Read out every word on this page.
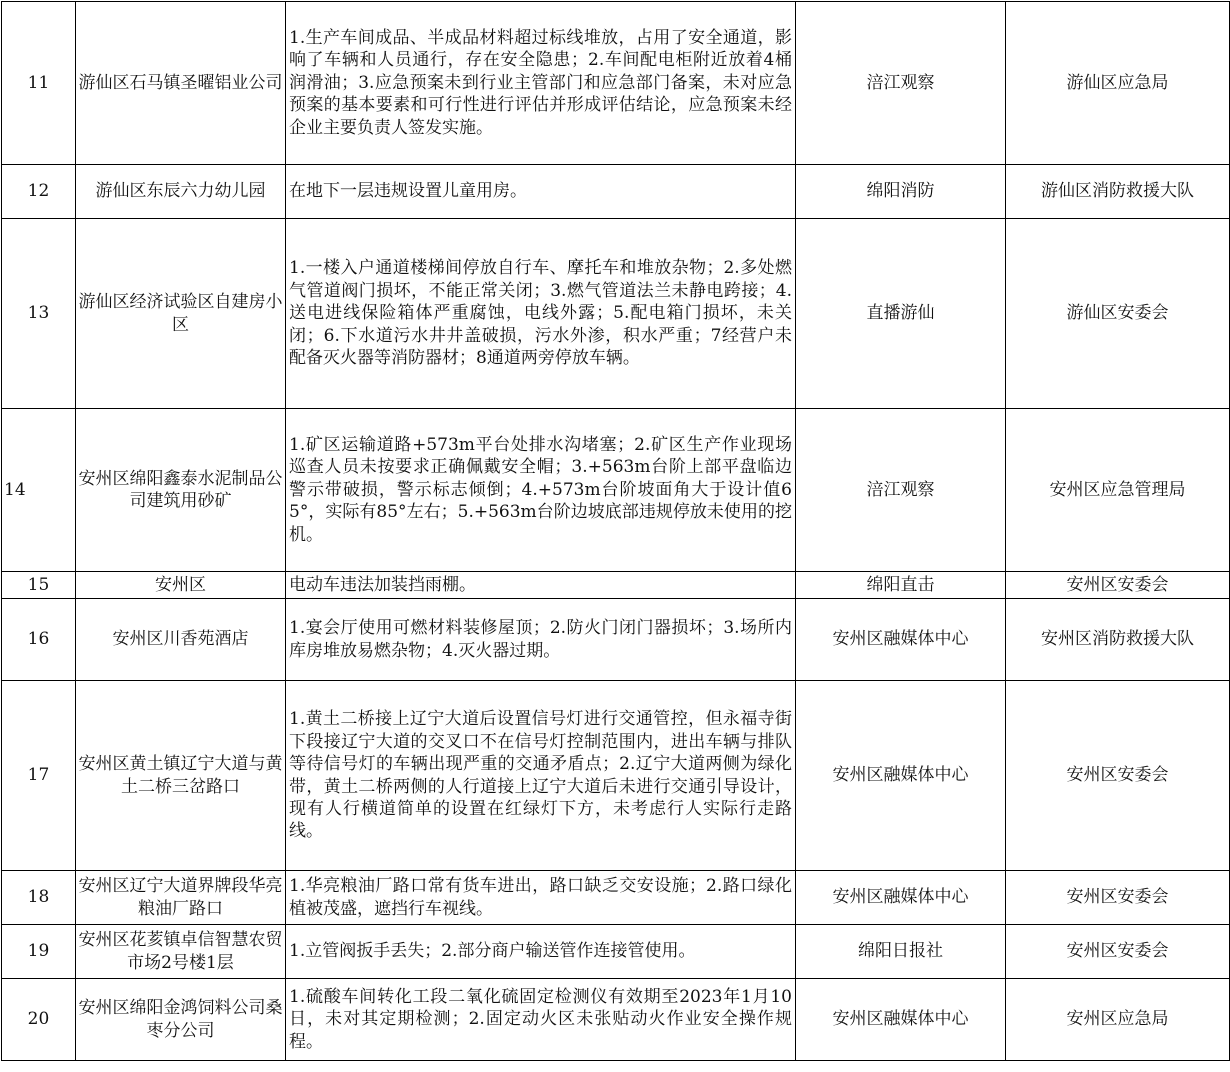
11	游仙区石马镇圣曜铝业公司	1.生产车间成品、半成品材料超过标线堆放，占用了安全通道，影响了车辆和人员通行，存在安全隐患；2.车间配电柜附近放着4桶润滑油；3.应急预案未到行业主管部门和应急部门备案，未对应急预案的基本要素和可行性进行评估并形成评估结论，应急预案未经企业主要负责人签发实施。	涪江观察	游仙区应急局
12	游仙区东辰六力幼儿园	在地下一层违规设置儿童用房。	绵阳消防	游仙区消防救援大队
13	游仙区经济试验区自建房小区	1.一楼入户通道楼梯间停放自行车、摩托车和堆放杂物；2.多处燃气管道阀门损坏，不能正常关闭；3.燃气管道法兰未静电跨接；4.送电进线保险箱体严重腐蚀，电线外露；5.配电箱门损坏，未关闭；6.下水道污水井井盖破损，污水外渗，积水严重；7经营户未配备灭火器等消防器材；8通道两旁停放车辆。	直播游仙	游仙区安委会
14	安州区绵阳鑫泰水泥制品公司建筑用砂矿	1.矿区运输道路+573m平台处排水沟堵塞；2.矿区生产作业现场巡查人员未按要求正确佩戴安全帽；3.+563m台阶上部平盘临边警示带破损，警示标志倾倒；4.+573m台阶坡面角大于设计值65°，实际有85°左右；5.+563m台阶边坡底部违规停放未使用的挖机。	涪江观察	安州区应急管理局
15	安州区	电动车违法加装挡雨棚。	绵阳直击	安州区安委会
16	安州区川香苑酒店	1.宴会厅使用可燃材料装修屋顶；2.防火门闭门器损坏；3.场所内库房堆放易燃杂物；4.灭火器过期。	安州区融媒体中心	安州区消防救援大队
17	安州区黄土镇辽宁大道与黄土二桥三岔路口	1.黄土二桥接上辽宁大道后设置信号灯进行交通管控，但永福寺街下段接辽宁大道的交叉口不在信号灯控制范围内，进出车辆与排队等待信号灯的车辆出现严重的交通矛盾点；2.辽宁大道两侧为绿化带，黄土二桥两侧的人行道接上辽宁大道后未进行交通引导设计，现有人行横道简单的设置在红绿灯下方，未考虑行人实际行走路线。	安州区融媒体中心	安州区安委会
18	安州区辽宁大道界牌段华亮粮油厂路口	1.华亮粮油厂路口常有货车进出，路口缺乏交安设施；2.路口绿化植被茂盛，遮挡行车视线。	安州区融媒体中心	安州区安委会
19	安州区花荄镇卓信智慧农贸市场2号楼1层	1.立管阀扳手丢失；2.部分商户输送管作连接管使用。	绵阳日报社	安州区安委会
20	安州区绵阳金鸿饲料公司桑枣分公司	1.硫酸车间转化工段二氧化硫固定检测仪有效期至2023年1月10日，未对其定期检测；2.固定动火区未张贴动火作业安全操作规程。	安州区融媒体中心	安州区应急局
